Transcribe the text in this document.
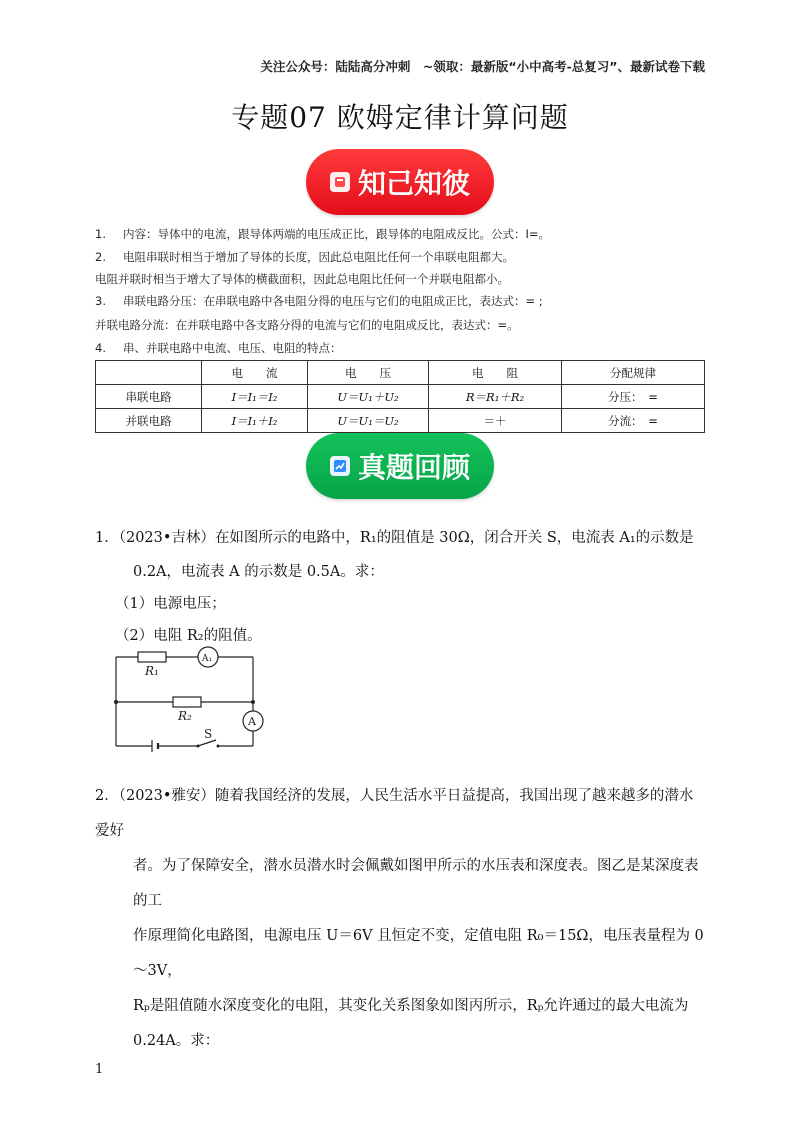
关注公众号：陆陆高分冲刺　~领取：最新版“小中高考-总复习”、最新试卷下载
专题07 欧姆定律计算问题
知己知彼
1. 内容：导体中的电流，跟导体两端的电压成正比，跟导体的电阻成反比。公式：I=。
2. 电阻串联时相当于增加了导体的长度，因此总电阻比任何一个串联电阻都大。
电阻并联时相当于增大了导体的横截面积，因此总电阻比任何一个并联电阻都小。
3. 串联电路分压：在串联电路中各电阻分得的电压与它们的电阻成正比，表达式：= ;
并联电路分流：在并联电路中各支路分得的电流与它们的电阻成反比，表达式：=。
4. 串、并联电路中电流、电压、电阻的特点：
	电　　流	电　　压	电　　阻	分配规律
串联电路	I＝I₁＝I₂	U＝U₁＋U₂	R＝R₁＋R₂	分压：　=
并联电路	I＝I₁＋I₂	U＝U₁＝U₂	＝＋	分流：　=
真题回顾
1．（2023•吉林）在如图所示的电路中，R₁的阻值是 30Ω，闭合开关 S，电流表 A₁的示数是
0.2A，电流表 A 的示数是 0.5A。求：
（1）电源电压；
（2）电阻 R₂的阻值。
R₁
R₂
A₁
A
S
2．（2023•雅安）随着我国经济的发展，人民生活水平日益提高，我国出现了越来越多的潜水爱好
者。为了保障安全，潜水员潜水时会佩戴如图甲所示的水压表和深度表。图乙是某深度表的工
作原理简化电路图，电源电压 U＝6V 且恒定不变，定值电阻 R₀＝15Ω，电压表量程为 0～3V，
Rₚ是阻值随水深度变化的电阻，其变化关系图象如图丙所示，Rₚ允许通过的最大电流为
0.24A。求：
1
